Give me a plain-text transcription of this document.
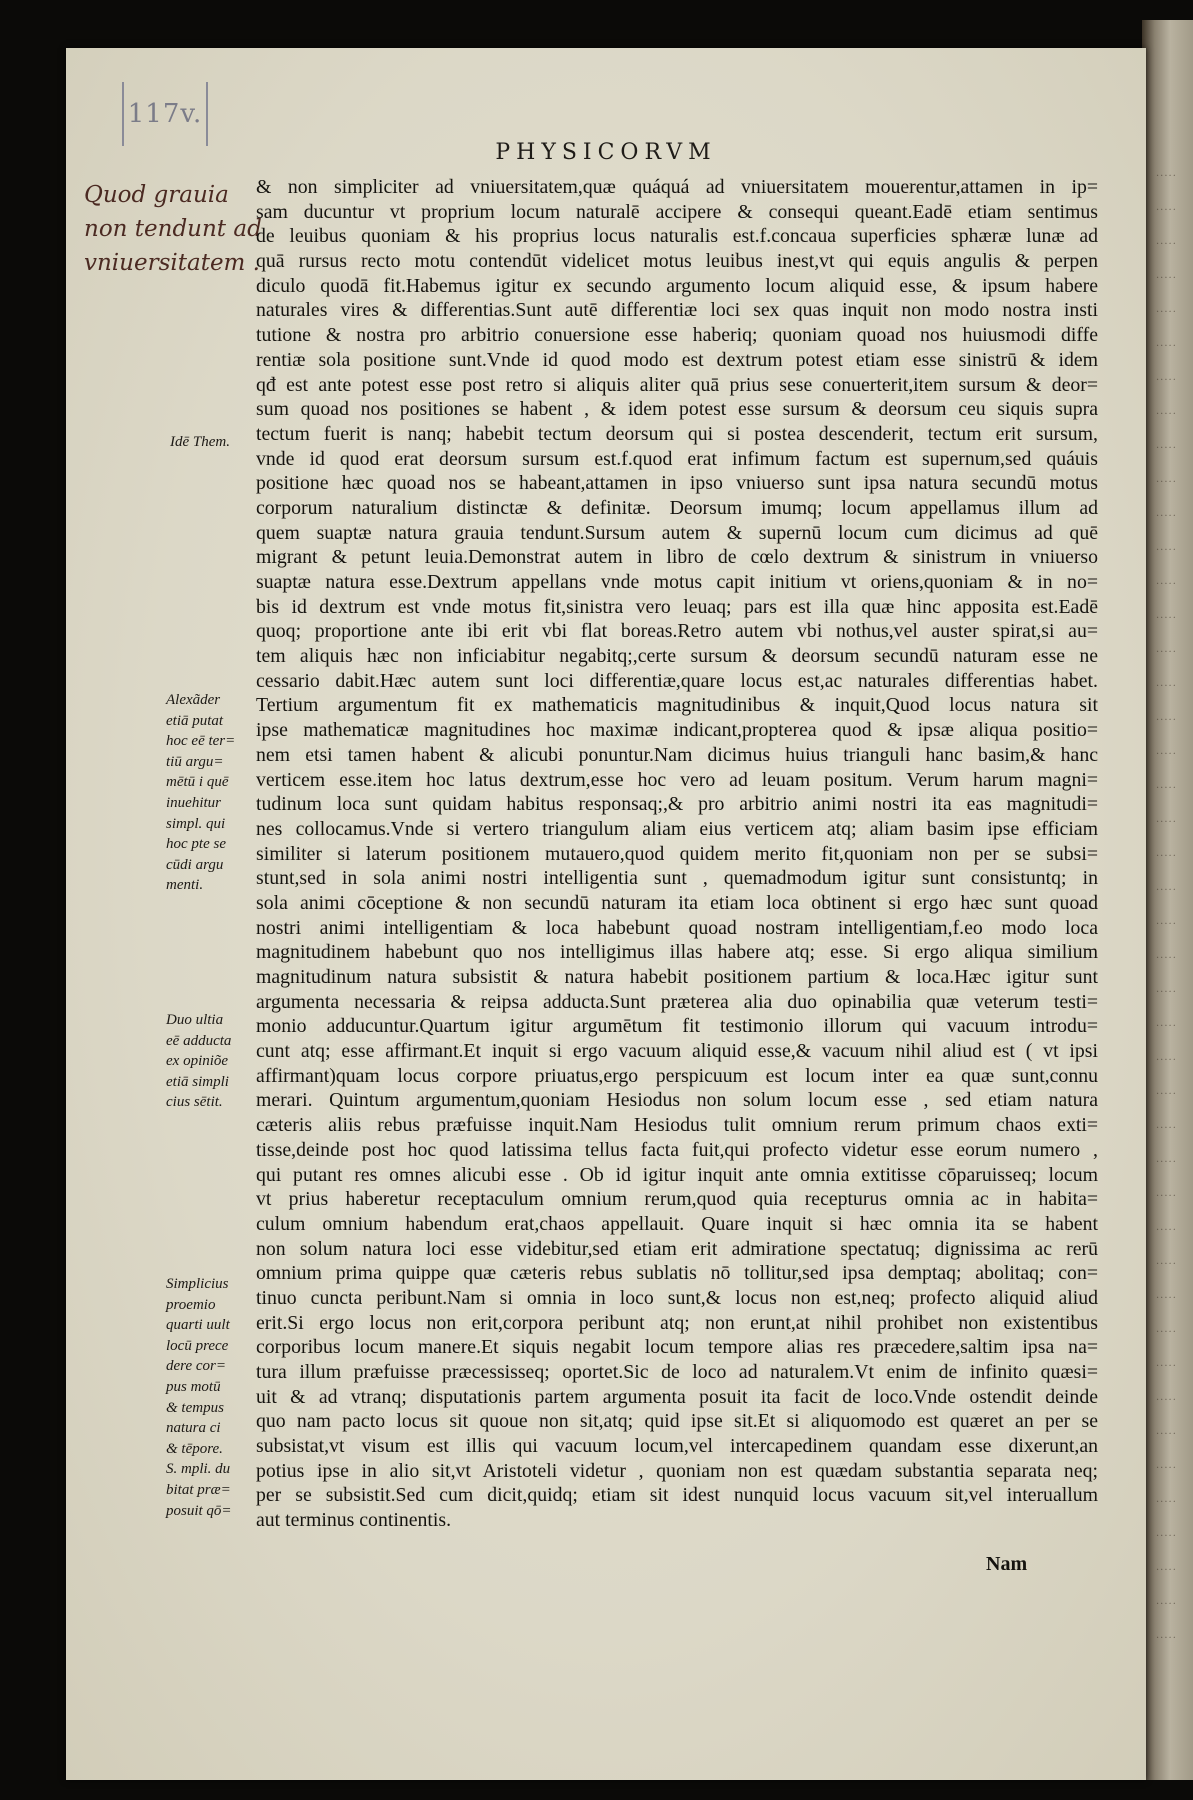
·····
·····
·····
·····
·····
·····
·····
·····
·····
·····
·····
·····
·····
·····
·····
·····
·····
·····
·····
·····
·····
·····
·····
·····
·····
·····
·····
·····
·····
·····
·····
·····
·····
·····
·····
·····
·····
·····
·····
·····
·····
·····
·····
·····
117v.
PHYSICORVM
Quod grauia
non tendunt ad
vniuersitatem .
Idē Them.
Alexãder
etiā putat
hoc eē ter=
tiū argu=
mētū i quē
inuehitur
simpl. qui
hoc pte se
cūdi argu
menti.
Duo ultia
eē adducta
ex opiniõe
etiā simpli
cius sētit.
Simplicius
proemio
quarti uult
locū prece
dere cor=
pus motū
& tempus
natura ci
& tēpore.
S. mpli. du
bitat præ=
posuit qō=
& non simpliciter ad vniuersitatem,quæ quáquá ad vniuersitatem mouerentur,attamen in ip=
sam ducuntur vt proprium locum naturalē accipere & consequi queant.Eadē etiam sentimus
de leuibus quoniam & his proprius locus naturalis est.f.concaua superficies sphæræ lunæ ad
quā rursus recto motu contendūt videlicet motus leuibus inest,vt qui equis angulis & perpen
diculo quodā fit.Habemus igitur ex secundo argumento locum aliquid esse, & ipsum habere
naturales vires & differentias.Sunt autē differentiæ loci sex quas inquit non modo nostra insti
tutione & nostra pro arbitrio conuersione esse haberiq; quoniam quoad nos huiusmodi diffe
rentiæ sola positione sunt.Vnde id quod modo est dextrum potest etiam esse sinistrū & idem
qđ est ante potest esse post retro si aliquis aliter quā prius sese conuerterit,item sursum & deor=
sum quoad nos positiones se habent , & idem potest esse sursum & deorsum ceu siquis supra
tectum fuerit is nanq; habebit tectum deorsum qui si postea descenderit, tectum erit sursum,
vnde id quod erat deorsum sursum est.f.quod erat infimum factum est supernum,sed quáuis
positione hæc quoad nos se habeant,attamen in ipso vniuerso sunt ipsa natura secundū motus
corporum naturalium distinctæ & definitæ. Deorsum imumq; locum appellamus illum ad
quem suaptæ natura grauia tendunt.Sursum autem & supernū locum cum dicimus ad quē
migrant & petunt leuia.Demonstrat autem in libro de cœlo dextrum & sinistrum in vniuerso
suaptæ natura esse.Dextrum appellans vnde motus capit initium vt oriens,quoniam & in no=
bis id dextrum est vnde motus fit,sinistra vero leuaq; pars est illa quæ hinc apposita est.Eadē
quoq; proportione ante ibi erit vbi flat boreas.Retro autem vbi nothus,vel auster spirat,si au=
tem aliquis hæc non inficiabitur negabitq;,certe sursum & deorsum secundū naturam esse ne
cessario dabit.Hæc autem sunt loci differentiæ,quare locus est,ac naturales differentias habet.
Tertium argumentum fit ex mathematicis magnitudinibus & inquit,Quod locus natura sit
ipse mathematicæ magnitudines hoc maximæ indicant,propterea quod & ipsæ aliqua positio=
nem etsi tamen habent & alicubi ponuntur.Nam dicimus huius trianguli hanc basim,& hanc
verticem esse.item hoc latus dextrum,esse hoc vero ad leuam positum. Verum harum magni=
tudinum loca sunt quidam habitus responsaq;,& pro arbitrio animi nostri ita eas magnitudi=
nes collocamus.Vnde si vertero triangulum aliam eius verticem atq; aliam basim ipse efficiam
similiter si laterum positionem mutauero,quod quidem merito fit,quoniam non per se subsi=
stunt,sed in sola animi nostri intelligentia sunt , quemadmodum igitur sunt consistuntq; in
sola animi cōceptione & non secundū naturam ita etiam loca obtinent si ergo hæc sunt quoad
nostri animi intelligentiam & loca habebunt quoad nostram intelligentiam,f.eo modo loca
magnitudinem habebunt quo nos intelligimus illas habere atq; esse. Si ergo aliqua similium
magnitudinum natura subsistit & natura habebit positionem partium & loca.Hæc igitur sunt
argumenta necessaria & reipsa adducta.Sunt præterea alia duo opinabilia quæ veterum testi=
monio adducuntur.Quartum igitur argumētum fit testimonio illorum qui vacuum introdu=
cunt atq; esse affirmant.Et inquit si ergo vacuum aliquid esse,& vacuum nihil aliud est ( vt ipsi
affirmant)quam locus corpore priuatus,ergo perspicuum est locum inter ea quæ sunt,connu
merari. Quintum argumentum,quoniam Hesiodus non solum locum esse , sed etiam natura
cæteris aliis rebus præfuisse inquit.Nam Hesiodus tulit omnium rerum primum chaos exti=
tisse,deinde post hoc quod latissima tellus facta fuit,qui profecto videtur esse eorum numero ,
qui putant res omnes alicubi esse . Ob id igitur inquit ante omnia extitisse cōparuisseq; locum
vt prius haberetur receptaculum omnium rerum,quod quia recepturus omnia ac in habita=
culum omnium habendum erat,chaos appellauit. Quare inquit si hæc omnia ita se habent
non solum natura loci esse videbitur,sed etiam erit admiratione spectatuq; dignissima ac rerū
omnium prima quippe quæ cæteris rebus sublatis nō tollitur,sed ipsa demptaq; abolitaq; con=
tinuo cuncta peribunt.Nam si omnia in loco sunt,& locus non est,neq; profecto aliquid aliud
erit.Si ergo locus non erit,corpora peribunt atq; non erunt,at nihil prohibet non existentibus
corporibus locum manere.Et siquis negabit locum tempore alias res præcedere,saltim ipsa na=
tura illum præfuisse præcessisseq; oportet.Sic de loco ad naturalem.Vt enim de infinito quæsi=
uit & ad vtranq; disputationis partem argumenta posuit ita facit de loco.Vnde ostendit deinde
quo nam pacto locus sit quoue non sit,atq; quid ipse sit.Et si aliquomodo est quæret an per se
subsistat,vt visum est illis qui vacuum locum,vel intercapedinem quandam esse dixerunt,an
potius ipse in alio sit,vt Aristoteli videtur , quoniam non est quædam substantia separata neq;
per se subsistit.Sed cum dicit,quidq; etiam sit idest nunquid locus vacuum sit,vel interuallum
aut terminus continentis.
Nam
